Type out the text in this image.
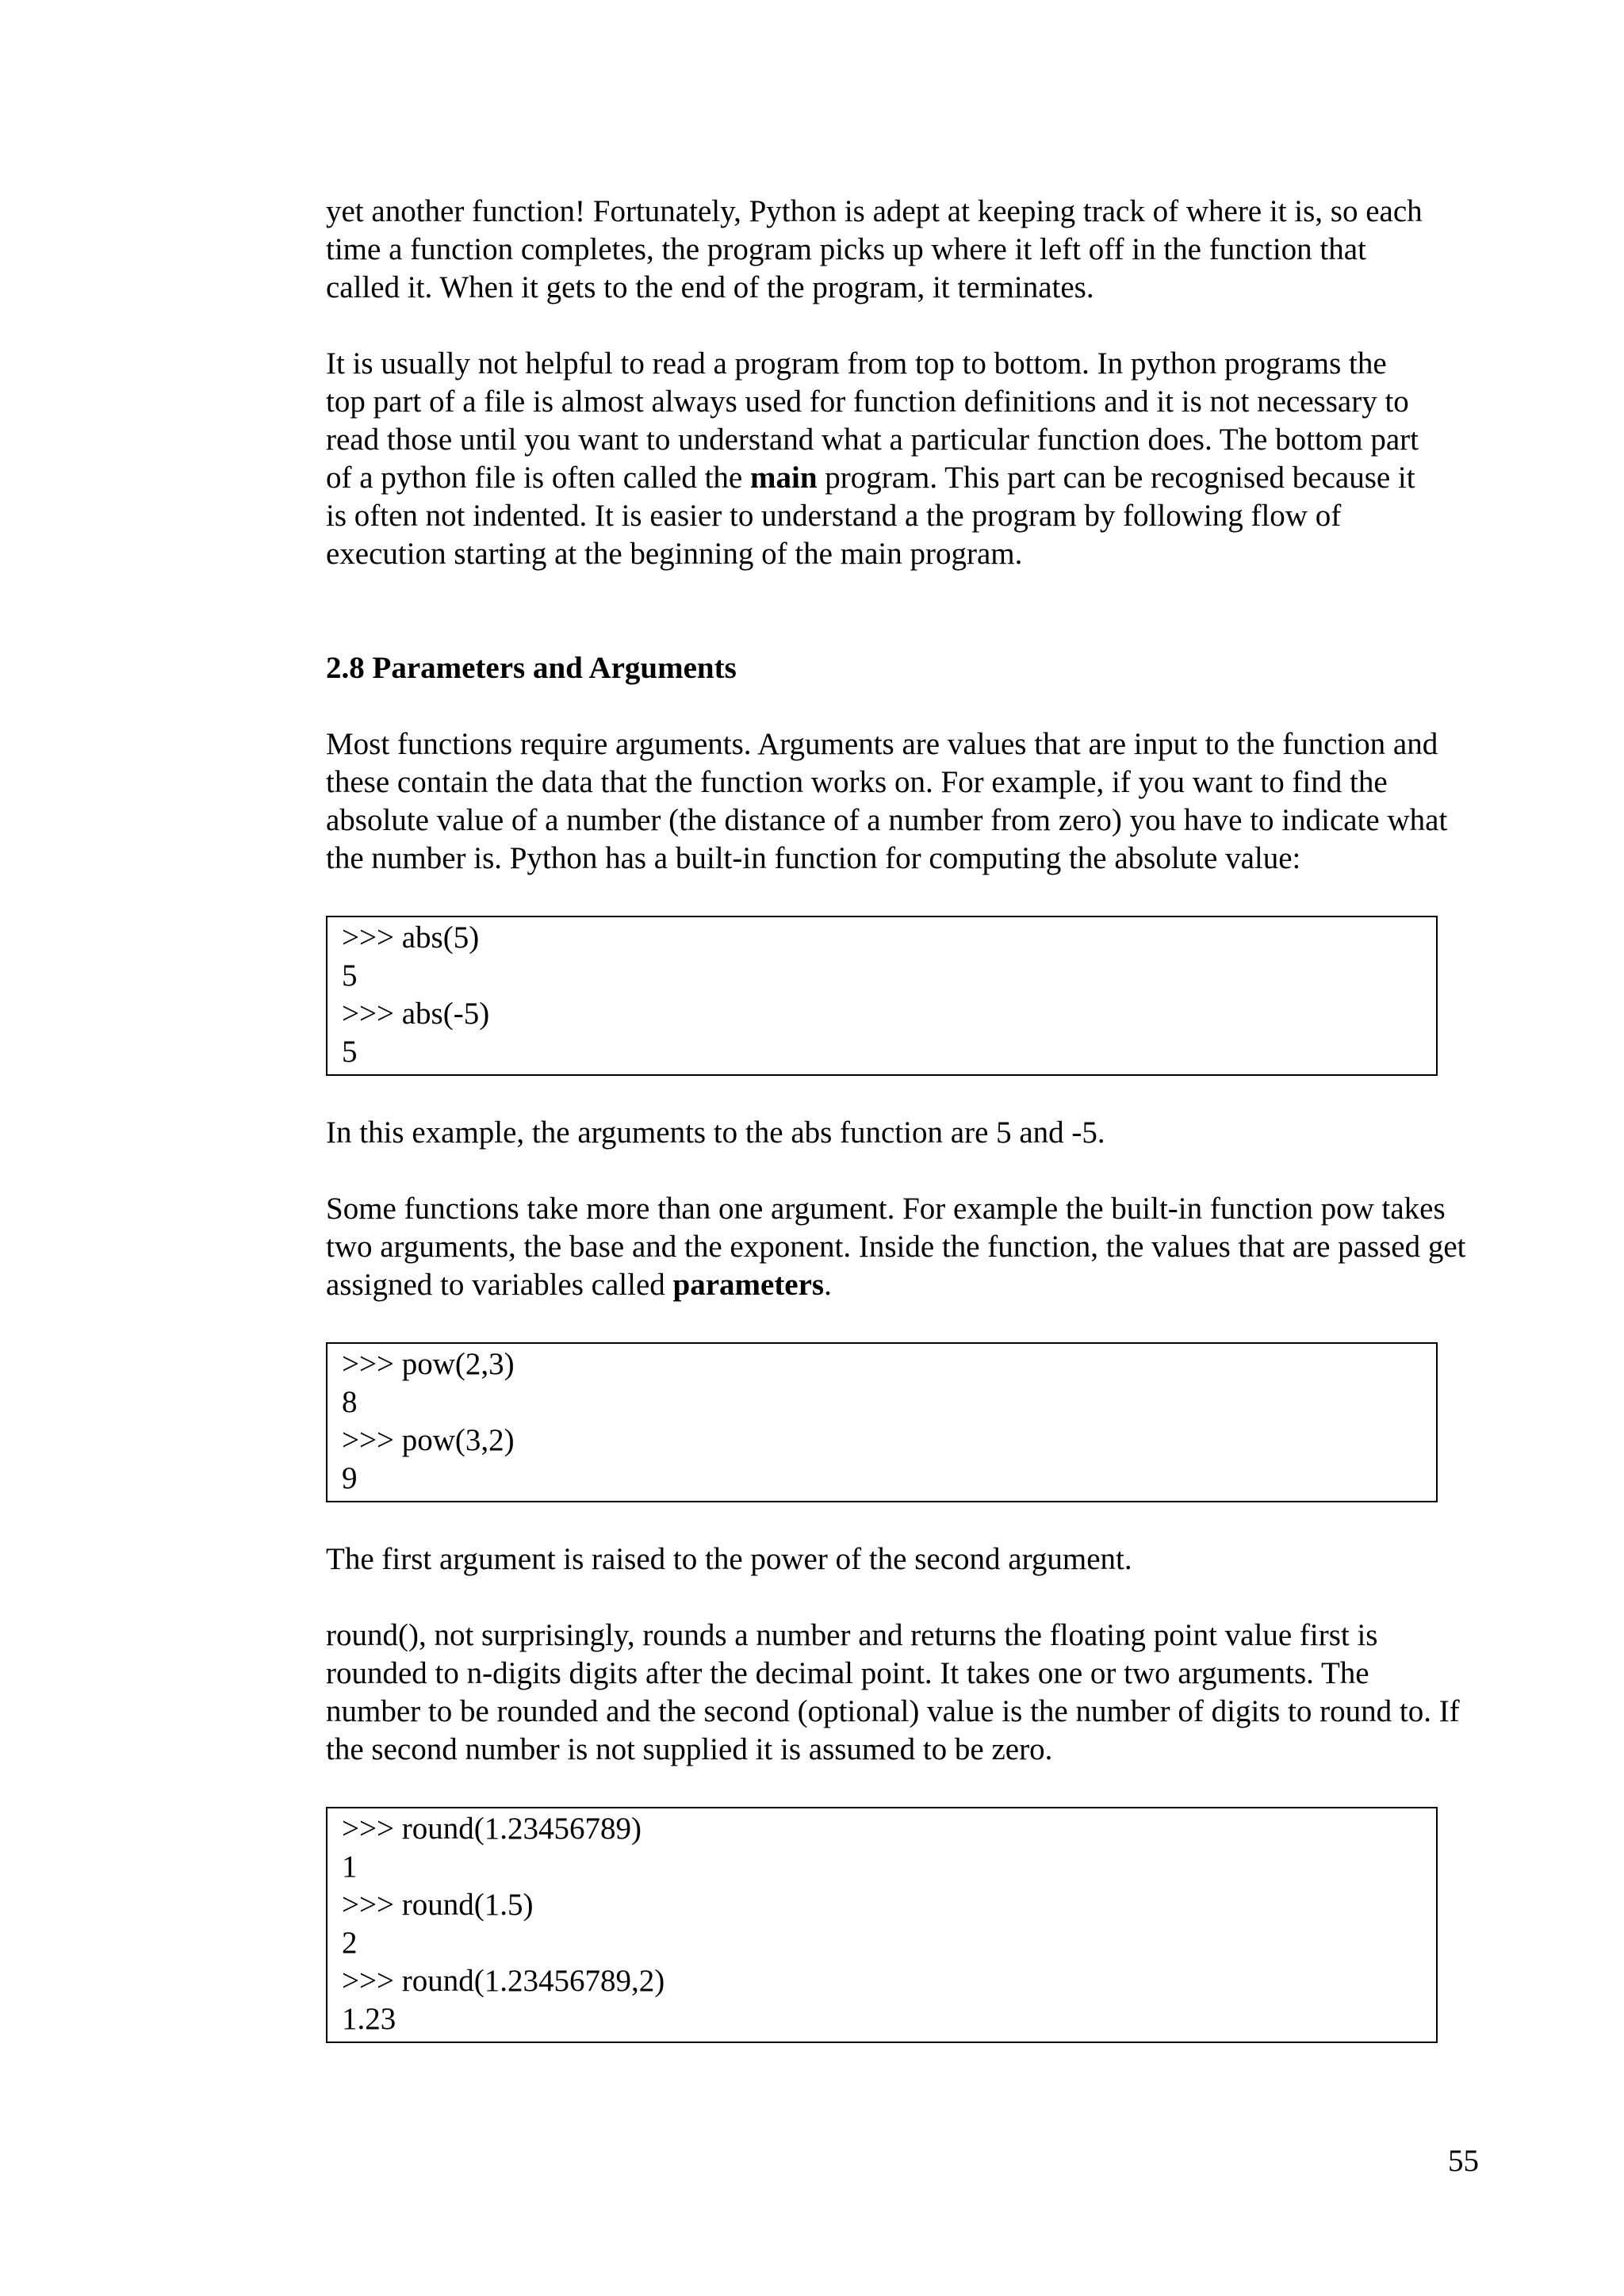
yet another function! Fortunately, Python is adept at keeping track of where it is, so each time a function completes, the program picks up where it left off in the function that called it. When it gets to the end of the program, it terminates.

It is usually not helpful to read a program from top to bottom. In python programs the top part of a file is almost always used for function definitions and it is not necessary to read those until you want to understand what a particular function does. The bottom part of a python file is often called the main program. This part can be recognised because it is often not indented. It is easier to understand a the program by following flow of execution starting at the beginning of the main program.

2.8 Parameters and Arguments

Most functions require arguments. Arguments are values that are input to the function and these contain the data that the function works on. For example, if you want to find the absolute value of a number (the distance of a number from zero) you have to indicate what the number is. Python has a built-in function for computing the absolute value:

>>> abs(5)
5
>>> abs(-5)
5

In this example, the arguments to the abs function are 5 and -5.

Some functions take more than one argument. For example the built-in function pow takes two arguments, the base and the exponent. Inside the function, the values that are passed get assigned to variables called parameters.

>>> pow(2,3)
8
>>> pow(3,2)
9

The first argument is raised to the power of the second argument.

round(), not surprisingly, rounds a number and returns the floating point value first is rounded to n-digits digits after the decimal point. It takes one or two arguments. The number to be rounded and the second (optional) value is the number of digits to round to. If the second number is not supplied it is assumed to be zero.

>>> round(1.23456789)
1
>>> round(1.5)
2
>>> round(1.23456789,2)
1.23
55
